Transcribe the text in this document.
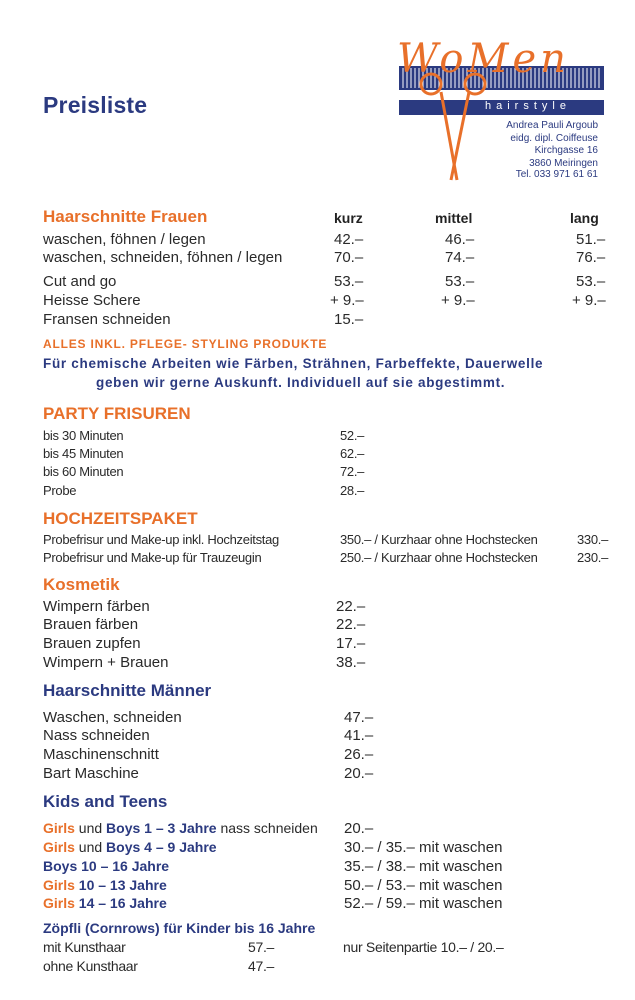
Preisliste
WoMen
hairstyle
Andrea Pauli Argoub
eidg. dipl. Coiffeuse
Kirchgasse 16
3860 Meiringen
Tel. 033 971 61 61
Haarschnitte Frauen	kurz	mittel	lang
waschen, föhnen / legen	42.–	46.–	51.–
waschen, schneiden, föhnen / legen	70.–	74.–	76.–
Cut and go	53.–	53.–	53.–
Heisse Schere	+ 9.–	+ 9.–	+ 9.–
Fransen schneiden	15.–
ALLES INKL. PFLEGE- STYLING PRODUKTE
Für chemische Arbeiten wie Färben, Strähnen, Farbeffekte, Dauerwelle
geben wir gerne Auskunft. Individuell auf sie abgestimmt.
PARTY FRISUREN
bis 30 Minuten	52.–
bis 45 Minuten	62.–
bis 60 Minuten	72.–
Probe	28.–
HOCHZEITSPAKET
Probefrisur und Make-up inkl. Hochzeitstag	350.– / Kurzhaar ohne Hochstecken	330.–
Probefrisur und Make-up für Trauzeugin	250.– / Kurzhaar ohne Hochstecken	230.–
Kosmetik
Wimpern färben	22.–
Brauen färben	22.–
Brauen zupfen	17.–
Wimpern + Brauen	38.–
Haarschnitte Männer
Waschen, schneiden	47.–
Nass schneiden	41.–
Maschinenschnitt	26.–
Bart Maschine	20.–
Kids and Teens
Girls und Boys 1 – 3 Jahre nass schneiden 20.–
Girls und Boys 4 – 9 Jahre	30.– / 35.– mit waschen
Boys 10 – 16 Jahre	35.– / 38.– mit waschen
Girls 10 – 13 Jahre	50.– / 53.– mit waschen
Girls 14 – 16 Jahre	52.– / 59.– mit waschen
Zöpfli (Cornrows) für Kinder bis 16 Jahre
mit Kunsthaar	57.–	nur Seitenpartie 10.– / 20.–
ohne Kunsthaar	47.–
